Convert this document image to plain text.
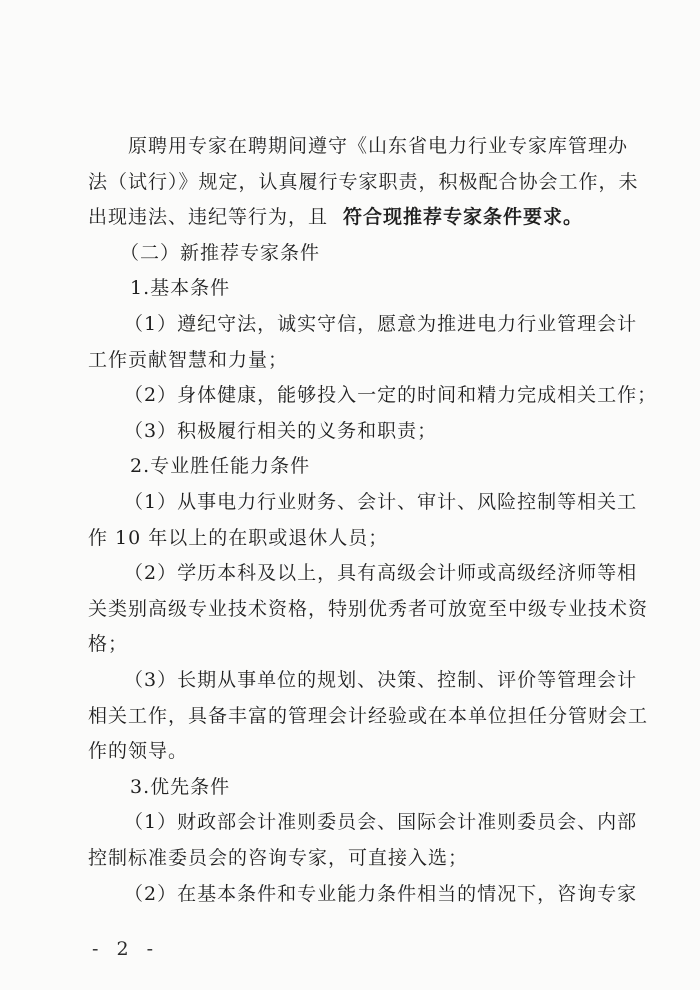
原聘用专家在聘期间遵守《山东省电力行业专家库管理办
法（试行）》规定，认真履行专家职责，积极配合协会工作，未
出现违法、违纪等行为，且 符合现推荐专家条件要求。
（二）新推荐专家条件
1.基本条件
（1）遵纪守法，诚实守信，愿意为推进电力行业管理会计
工作贡献智慧和力量；
（2）身体健康，能够投入一定的时间和精力完成相关工作；
（3）积极履行相关的义务和职责；
2.专业胜任能力条件
（1）从事电力行业财务、会计、审计、风险控制等相关工
作 10 年以上的在职或退休人员；
（2）学历本科及以上，具有高级会计师或高级经济师等相
关类别高级专业技术资格，特别优秀者可放宽至中级专业技术资
格；
（3）长期从事单位的规划、决策、控制、评价等管理会计
相关工作，具备丰富的管理会计经验或在本单位担任分管财会工
作的领导。
3.优先条件
（1）财政部会计准则委员会、国际会计准则委员会、内部
控制标准委员会的咨询专家，可直接入选；
（2）在基本条件和专业能力条件相当的情况下，咨询专家
- 2 -
